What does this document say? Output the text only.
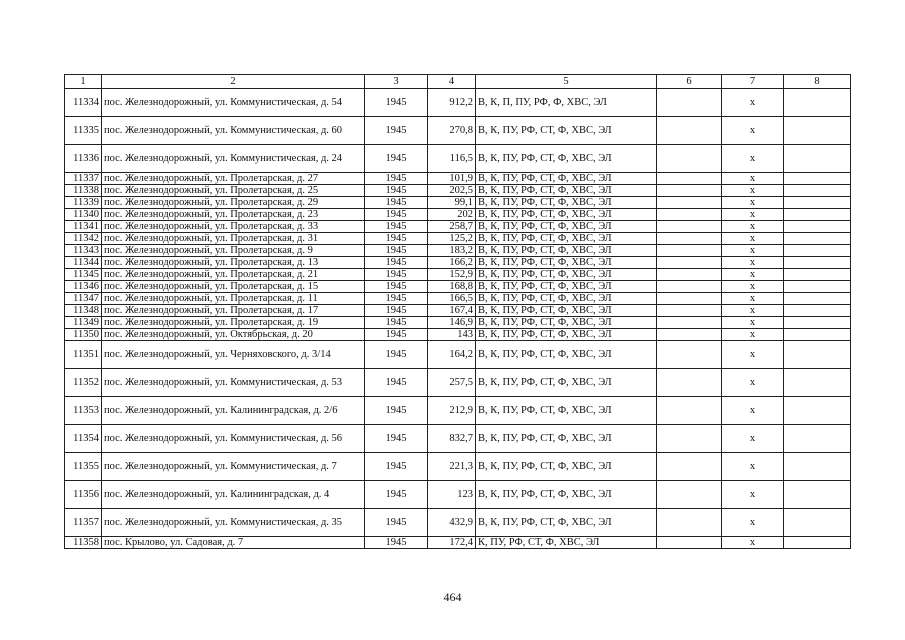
1	2	3	4	5	6	7	8
11334	пос. Железнодорожный, ул. Коммунистическая, д. 54	1945	912,2	В, К, П, ПУ, РФ, Ф, ХВС, ЭЛ		х	
11335	пос. Железнодорожный, ул. Коммунистическая, д. 60	1945	270,8	В, К, ПУ, РФ, СТ, Ф, ХВС, ЭЛ		х	
11336	пос. Железнодорожный, ул. Коммунистическая, д. 24	1945	116,5	В, К, ПУ, РФ, СТ, Ф, ХВС, ЭЛ		х	
11337	пос. Железнодорожный, ул. Пролетарская, д. 27	1945	101,9	В, К, ПУ, РФ, СТ, Ф, ХВС, ЭЛ		х	
11338	пос. Железнодорожный, ул. Пролетарская, д. 25	1945	202,5	В, К, ПУ, РФ, СТ, Ф, ХВС, ЭЛ		х	
11339	пос. Железнодорожный, ул. Пролетарская, д. 29	1945	99,1	В, К, ПУ, РФ, СТ, Ф, ХВС, ЭЛ		х	
11340	пос. Железнодорожный, ул. Пролетарская, д. 23	1945	202	В, К, ПУ, РФ, СТ, Ф, ХВС, ЭЛ		х	
11341	пос. Железнодорожный, ул. Пролетарская, д. 33	1945	258,7	В, К, ПУ, РФ, СТ, Ф, ХВС, ЭЛ		х	
11342	пос. Железнодорожный, ул. Пролетарская, д. 31	1945	125,2	В, К, ПУ, РФ, СТ, Ф, ХВС, ЭЛ		х	
11343	пос. Железнодорожный, ул. Пролетарская, д. 9	1945	183,2	В, К, ПУ, РФ, СТ, Ф, ХВС, ЭЛ		х	
11344	пос. Железнодорожный, ул. Пролетарская, д. 13	1945	166,2	В, К, ПУ, РФ, СТ, Ф, ХВС, ЭЛ		х	
11345	пос. Железнодорожный, ул. Пролетарская, д. 21	1945	152,9	В, К, ПУ, РФ, СТ, Ф, ХВС, ЭЛ		х	
11346	пос. Железнодорожный, ул. Пролетарская, д. 15	1945	168,8	В, К, ПУ, РФ, СТ, Ф, ХВС, ЭЛ		х	
11347	пос. Железнодорожный, ул. Пролетарская, д. 11	1945	166,5	В, К, ПУ, РФ, СТ, Ф, ХВС, ЭЛ		х	
11348	пос. Железнодорожный, ул. Пролетарская, д. 17	1945	167,4	В, К, ПУ, РФ, СТ, Ф, ХВС, ЭЛ		х	
11349	пос. Железнодорожный, ул. Пролетарская, д. 19	1945	146,9	В, К, ПУ, РФ, СТ, Ф, ХВС, ЭЛ		х	
11350	пос. Железнодорожный, ул. Октябрьская, д. 20	1945	143	В, К, ПУ, РФ, СТ, Ф, ХВС, ЭЛ		х	
11351	пос. Железнодорожный, ул. Черняховского, д. 3/14	1945	164,2	В, К, ПУ, РФ, СТ, Ф, ХВС, ЭЛ		х	
11352	пос. Железнодорожный, ул. Коммунистическая, д. 53	1945	257,5	В, К, ПУ, РФ, СТ, Ф, ХВС, ЭЛ		х	
11353	пос. Железнодорожный, ул. Калининградская, д. 2/6	1945	212,9	В, К, ПУ, РФ, СТ, Ф, ХВС, ЭЛ		х	
11354	пос. Железнодорожный, ул. Коммунистическая, д. 56	1945	832,7	В, К, ПУ, РФ, СТ, Ф, ХВС, ЭЛ		х	
11355	пос. Железнодорожный, ул. Коммунистическая, д. 7	1945	221,3	В, К, ПУ, РФ, СТ, Ф, ХВС, ЭЛ		х	
11356	пос. Железнодорожный, ул. Калининградская, д. 4	1945	123	В, К, ПУ, РФ, СТ, Ф, ХВС, ЭЛ		х	
11357	пос. Железнодорожный, ул. Коммунистическая, д. 35	1945	432,9	В, К, ПУ, РФ, СТ, Ф, ХВС, ЭЛ		х	
11358	пос. Крылово, ул. Садовая, д. 7	1945	172,4	К, ПУ, РФ, СТ, Ф, ХВС, ЭЛ		х	
464
